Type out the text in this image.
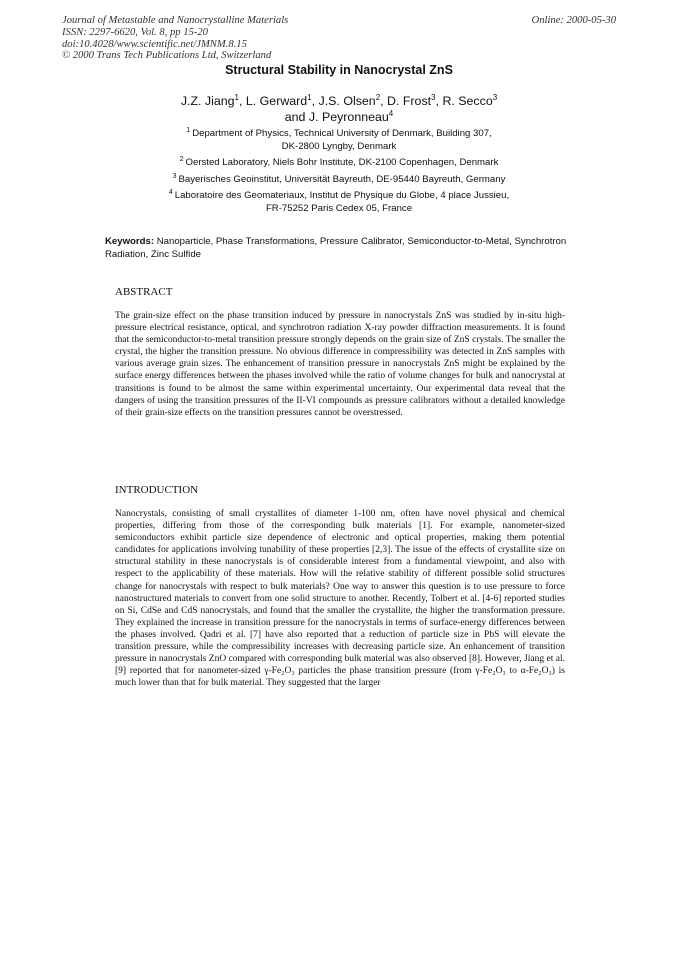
Journal of Metastable and Nanocrystalline Materials
ISSN: 2297-6620, Vol. 8, pp 15-20
doi:10.4028/www.scientific.net/JMNM.8.15
© 2000 Trans Tech Publications Ltd, Switzerland
Online: 2000-05-30
Structural Stability in Nanocrystal ZnS
J.Z. Jiang$^1$, L. Gerward$^1$, J.S. Olsen$^2$, D. Frost$^3$, R. Secco$^3$
and J. Peyronneau$^4$
$^1$ Department of Physics, Technical University of Denmark, Building 307,
DK-2800 Lyngby, Denmark
$^2$ Oersted Laboratory, Niels Bohr Institute, DK-2100 Copenhagen, Denmark
$^3$ Bayerisches Geoinstitut, Universität Bayreuth, DE-95440 Bayreuth, Germany
$^4$ Laboratoire des Geomateriaux, Institut de Physique du Globe, 4 place Jussieu,
FR-75252 Paris Cedex 05, France
Keywords: Nanoparticle, Phase Transformations, Pressure Calibrator, Semiconductor-to-Metal, Synchrotron Radiation, Zinc Sulfide
ABSTRACT

The grain-size effect on the phase transition induced by pressure in nanocrystals ZnS was studied by in-situ high-pressure electrical resistance, optical, and synchrotron radiation X-ray powder diffraction measurements. It is found that the semiconductor-to-metal transition pressure strongly depends on the grain size of ZnS crystals. The smaller the crystal, the higher the transition pressure. No obvious difference in compressibility was detected in ZnS samples with various average grain sizes. The enhancement of transition pressure in nanocrystals ZnS might be explained by the surface energy differences between the phases involved while the ratio of volume changes for bulk and nanocrystal at transitions is found to be almost the same within experimental uncertainty. Our experimental data reveal that the dangers of using the transition pressures of the II-VI compounds as pressure calibrators without a detailed knowledge of their grain-size effects on the transition pressures cannot be overstressed.

INTRODUCTION

Nanocrystals, consisting of small crystallites of diameter 1-100 nm, often have novel physical and chemical properties, differing from those of the corresponding bulk materials [1]. For example, nanometer-sized semiconductors exhibit particle size dependence of electronic and optical properties, making them potential candidates for applications involving tunability of these properties [2,3]. The issue of the effects of crystallite size on structural stability in these nanocrystals is of considerable interest from a fundamental viewpoint, and also with respect to the applicability of these materials. How will the relative stability of different possible solid structures change for nanocrystals with respect to bulk materials? One way to answer this question is to use pressure to force nanostructured materials to convert from one solid structure to another. Recently, Tolbert et al. [4-6] reported studies on Si, CdSe and CdS nanocrystals, and found that the smaller the crystallite, the higher the transformation pressure. They explained the increase in transition pressure for the nanocrystals in terms of surface-energy differences between the phases involved. Qadri et al. [7] have also reported that a reduction of particle size in PbS will elevate the transition pressure, while the compressibility increases with decreasing particle size. An enhancement of transition pressure in nanocrystals ZnO compared with corresponding bulk material was also observed [8]. However, Jiang et al. [9] reported that for nanometer-sized γ-Fe₂O₃ particles the phase transition pressure (from γ-Fe₂O₃ to α-Fe₂O₃) is much lower than that for bulk material. They suggested that the larger
